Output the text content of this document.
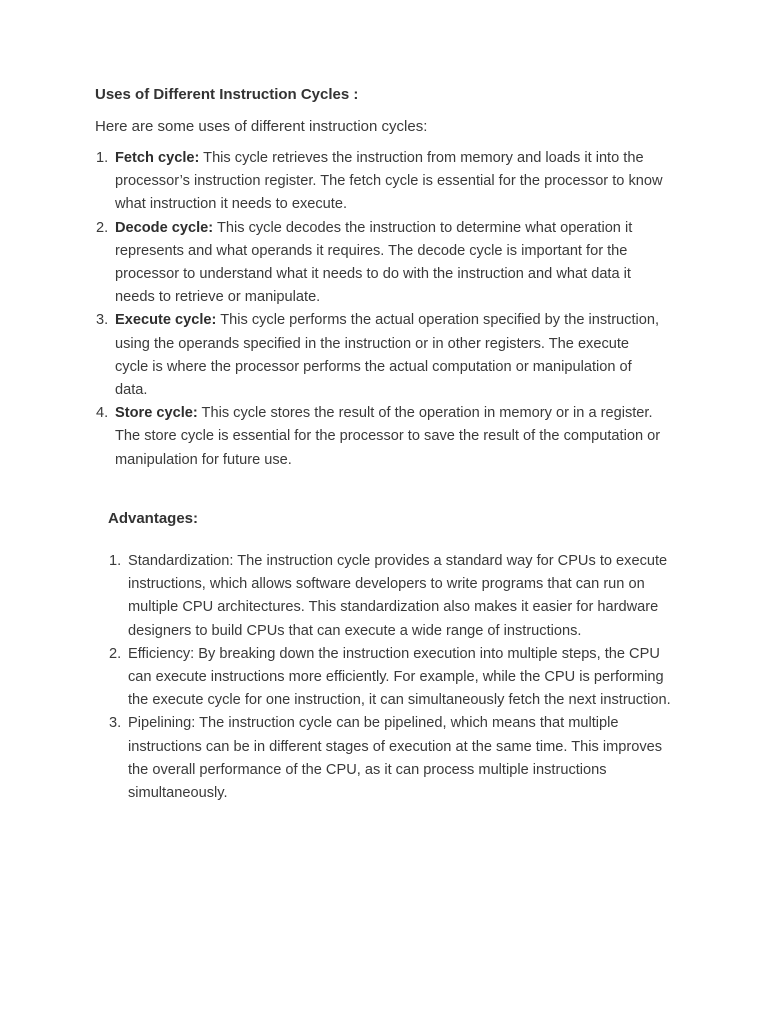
Uses of Different Instruction Cycles :

Here are some uses of different instruction cycles:

1. Fetch cycle: This cycle retrieves the instruction from memory and loads it into the processor’s instruction register. The fetch cycle is essential for the processor to know what instruction it needs to execute.
2. Decode cycle: This cycle decodes the instruction to determine what operation it represents and what operands it requires. The decode cycle is important for the processor to understand what it needs to do with the instruction and what data it needs to retrieve or manipulate.
3. Execute cycle: This cycle performs the actual operation specified by the instruction, using the operands specified in the instruction or in other registers. The execute cycle is where the processor performs the actual computation or manipulation of data.
4. Store cycle: This cycle stores the result of the operation in memory or in a register. The store cycle is essential for the processor to save the result of the computation or manipulation for future use.
Advantages:
1. Standardization: The instruction cycle provides a standard way for CPUs to execute instructions, which allows software developers to write programs that can run on multiple CPU architectures. This standardization also makes it easier for hardware designers to build CPUs that can execute a wide range of instructions.
2. Efficiency: By breaking down the instruction execution into multiple steps, the CPU can execute instructions more efficiently. For example, while the CPU is performing the execute cycle for one instruction, it can simultaneously fetch the next instruction.
3. Pipelining: The instruction cycle can be pipelined, which means that multiple instructions can be in different stages of execution at the same time. This improves the overall performance of the CPU, as it can process multiple instructions simultaneously.
